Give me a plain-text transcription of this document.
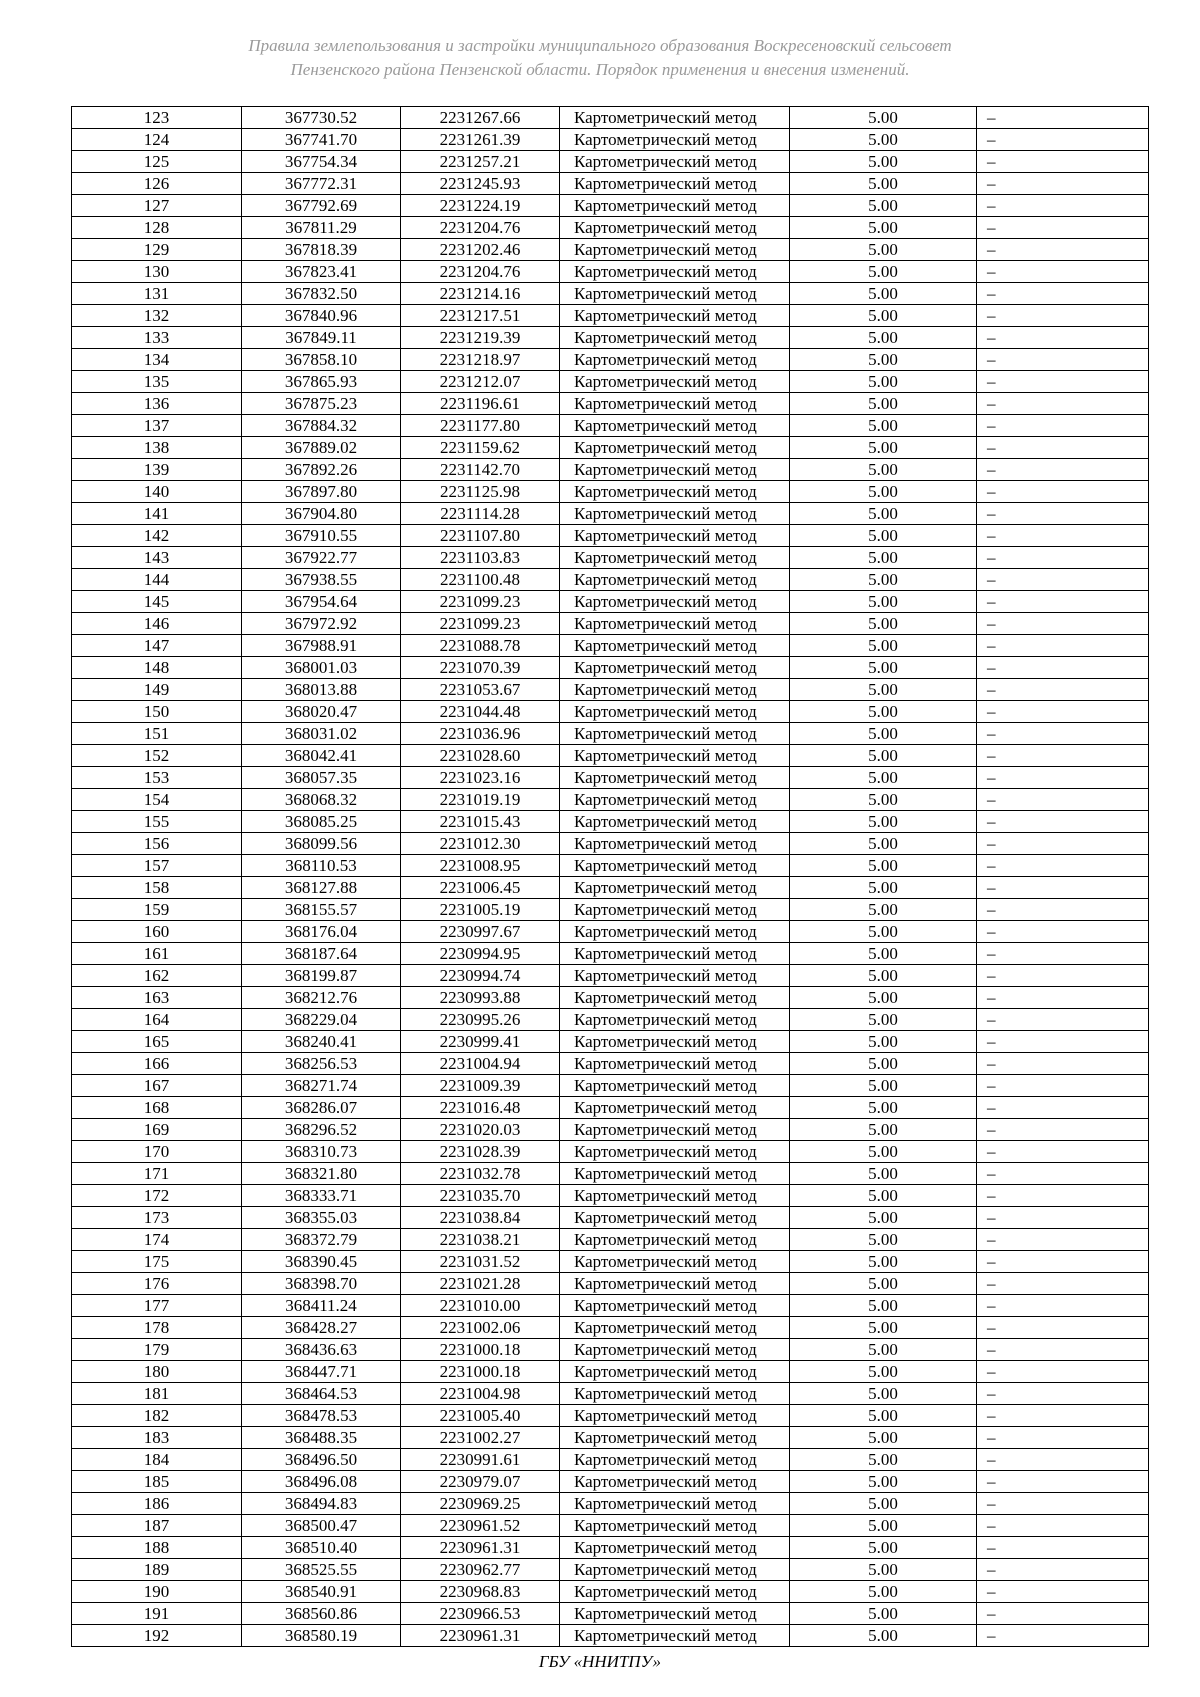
Правила землепользования и застройки муниципального образования Воскресеновский сельсовет
Пензенского района Пензенской области. Порядок применения и внесения изменений.
123	367730.52	2231267.66	Картометрический метод	5.00	–
124	367741.70	2231261.39	Картометрический метод	5.00	–
125	367754.34	2231257.21	Картометрический метод	5.00	–
126	367772.31	2231245.93	Картометрический метод	5.00	–
127	367792.69	2231224.19	Картометрический метод	5.00	–
128	367811.29	2231204.76	Картометрический метод	5.00	–
129	367818.39	2231202.46	Картометрический метод	5.00	–
130	367823.41	2231204.76	Картометрический метод	5.00	–
131	367832.50	2231214.16	Картометрический метод	5.00	–
132	367840.96	2231217.51	Картометрический метод	5.00	–
133	367849.11	2231219.39	Картометрический метод	5.00	–
134	367858.10	2231218.97	Картометрический метод	5.00	–
135	367865.93	2231212.07	Картометрический метод	5.00	–
136	367875.23	2231196.61	Картометрический метод	5.00	–
137	367884.32	2231177.80	Картометрический метод	5.00	–
138	367889.02	2231159.62	Картометрический метод	5.00	–
139	367892.26	2231142.70	Картометрический метод	5.00	–
140	367897.80	2231125.98	Картометрический метод	5.00	–
141	367904.80	2231114.28	Картометрический метод	5.00	–
142	367910.55	2231107.80	Картометрический метод	5.00	–
143	367922.77	2231103.83	Картометрический метод	5.00	–
144	367938.55	2231100.48	Картометрический метод	5.00	–
145	367954.64	2231099.23	Картометрический метод	5.00	–
146	367972.92	2231099.23	Картометрический метод	5.00	–
147	367988.91	2231088.78	Картометрический метод	5.00	–
148	368001.03	2231070.39	Картометрический метод	5.00	–
149	368013.88	2231053.67	Картометрический метод	5.00	–
150	368020.47	2231044.48	Картометрический метод	5.00	–
151	368031.02	2231036.96	Картометрический метод	5.00	–
152	368042.41	2231028.60	Картометрический метод	5.00	–
153	368057.35	2231023.16	Картометрический метод	5.00	–
154	368068.32	2231019.19	Картометрический метод	5.00	–
155	368085.25	2231015.43	Картометрический метод	5.00	–
156	368099.56	2231012.30	Картометрический метод	5.00	–
157	368110.53	2231008.95	Картометрический метод	5.00	–
158	368127.88	2231006.45	Картометрический метод	5.00	–
159	368155.57	2231005.19	Картометрический метод	5.00	–
160	368176.04	2230997.67	Картометрический метод	5.00	–
161	368187.64	2230994.95	Картометрический метод	5.00	–
162	368199.87	2230994.74	Картометрический метод	5.00	–
163	368212.76	2230993.88	Картометрический метод	5.00	–
164	368229.04	2230995.26	Картометрический метод	5.00	–
165	368240.41	2230999.41	Картометрический метод	5.00	–
166	368256.53	2231004.94	Картометрический метод	5.00	–
167	368271.74	2231009.39	Картометрический метод	5.00	–
168	368286.07	2231016.48	Картометрический метод	5.00	–
169	368296.52	2231020.03	Картометрический метод	5.00	–
170	368310.73	2231028.39	Картометрический метод	5.00	–
171	368321.80	2231032.78	Картометрический метод	5.00	–
172	368333.71	2231035.70	Картометрический метод	5.00	–
173	368355.03	2231038.84	Картометрический метод	5.00	–
174	368372.79	2231038.21	Картометрический метод	5.00	–
175	368390.45	2231031.52	Картометрический метод	5.00	–
176	368398.70	2231021.28	Картометрический метод	5.00	–
177	368411.24	2231010.00	Картометрический метод	5.00	–
178	368428.27	2231002.06	Картометрический метод	5.00	–
179	368436.63	2231000.18	Картометрический метод	5.00	–
180	368447.71	2231000.18	Картометрический метод	5.00	–
181	368464.53	2231004.98	Картометрический метод	5.00	–
182	368478.53	2231005.40	Картометрический метод	5.00	–
183	368488.35	2231002.27	Картометрический метод	5.00	–
184	368496.50	2230991.61	Картометрический метод	5.00	–
185	368496.08	2230979.07	Картометрический метод	5.00	–
186	368494.83	2230969.25	Картометрический метод	5.00	–
187	368500.47	2230961.52	Картометрический метод	5.00	–
188	368510.40	2230961.31	Картометрический метод	5.00	–
189	368525.55	2230962.77	Картометрический метод	5.00	–
190	368540.91	2230968.83	Картометрический метод	5.00	–
191	368560.86	2230966.53	Картометрический метод	5.00	–
192	368580.19	2230961.31	Картометрический метод	5.00	–
ГБУ «ННИТПУ»
